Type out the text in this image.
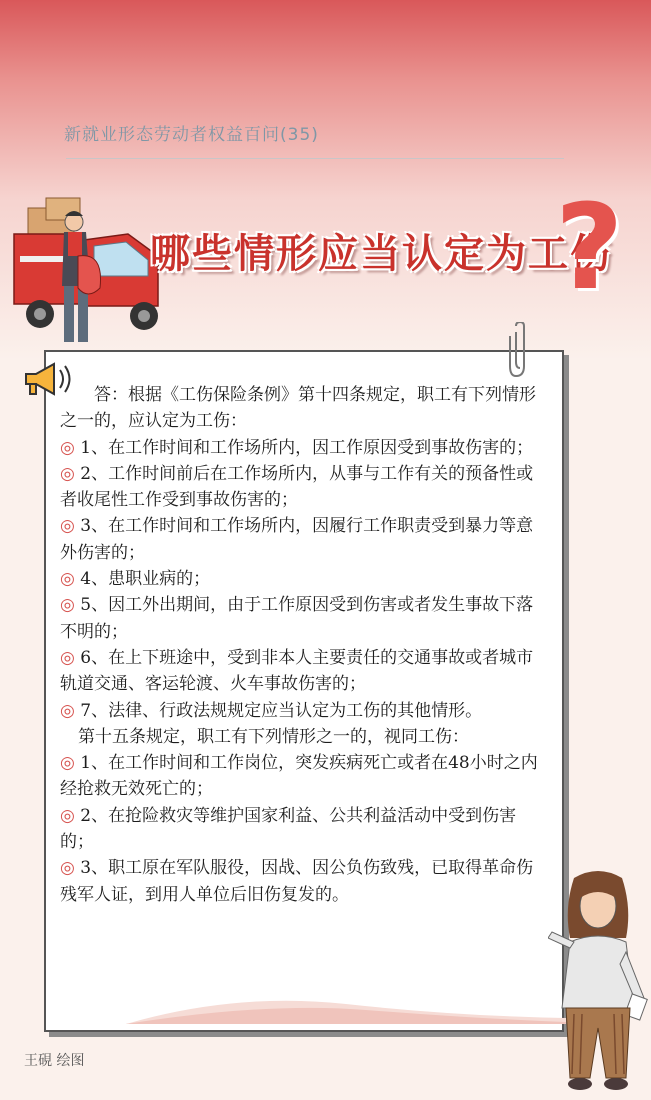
新就业形态劳动者权益百问(35)
哪些情形应当认定为工伤
?

答：根据《工伤保险条例》第十四条规定，职工有下列情形之一的，应认定为工伤：

◎ 1、在工作时间和工作场所内，因工作原因受到事故伤害的；

◎ 2、工作时间前后在工作场所内，从事与工作有关的预备性或者收尾性工作受到事故伤害的；

◎ 3、在工作时间和工作场所内，因履行工作职责受到暴力等意外伤害的；

◎ 4、患职业病的；

◎ 5、因工外出期间，由于工作原因受到伤害或者发生事故下落不明的；

◎ 6、在上下班途中，受到非本人主要责任的交通事故或者城市轨道交通、客运轮渡、火车事故伤害的；

◎ 7、法律、行政法规规定应当认定为工伤的其他情形。

第十五条规定，职工有下列情形之一的，视同工伤：

◎ 1、在工作时间和工作岗位，突发疾病死亡或者在48小时之内经抢救无效死亡的；

◎ 2、在抢险救灾等维护国家利益、公共利益活动中受到伤害的；

◎ 3、职工原在军队服役，因战、因公负伤致残，已取得革命伤残军人证，到用人单位后旧伤复发的。

王硯 绘图
